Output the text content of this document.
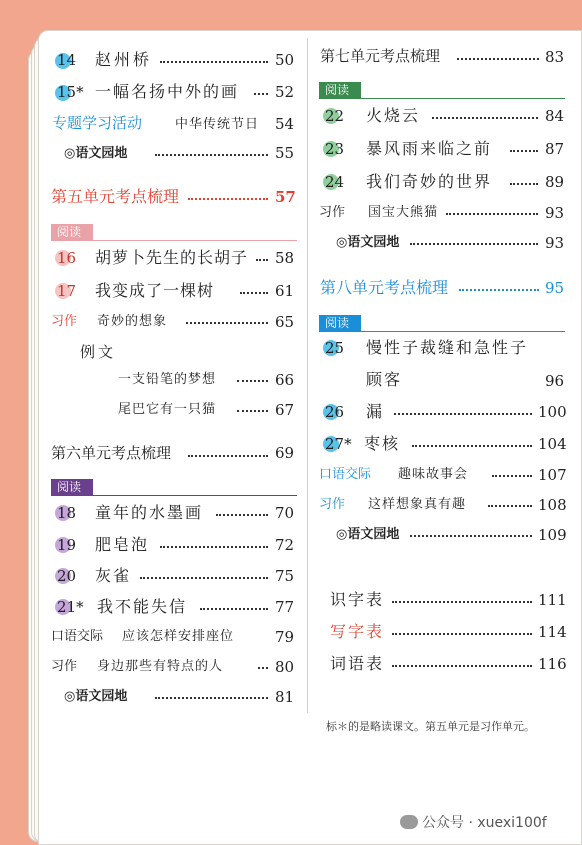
14 赵州桥	50
15* 一幅名扬中外的画 52
专题学习活动	中华传统节日 54
◎语文园地	55
第五单元考点梳理	57
阅读
16 胡萝卜先生的长胡子 58
17 我变成了一棵树	61
习作 奇妙的想象	65
例文
一支铅笔的梦想	66
尾巴它有一只猫	67
第六单元考点梳理	69
阅读
18 童年的水墨画	70
19 肥皂泡	72
20 灰雀	75
21* 我不能失信	77
口语交际 应该怎样安排座位	79
习作 身边那些有特点的人	80
◎语文园地	81
第七单元考点梳理	83
阅读
22 火烧云	84
23 暴风雨来临之前	87
24 我们奇妙的世界	89
习作 国宝大熊猫	93
◎语文园地	93
第八单元考点梳理	95
阅读
25 慢性子裁缝和急性子
顾客	96
26 漏	100
27* 枣核	104
口语交际 趣味故事会	107
习作 这样想象真有趣	108
◎语文园地	109
识字表	111
写字表	114
词语表	116
标＊的是略读课文。第五单元是习作单元。
公众号 · xuexi100f
